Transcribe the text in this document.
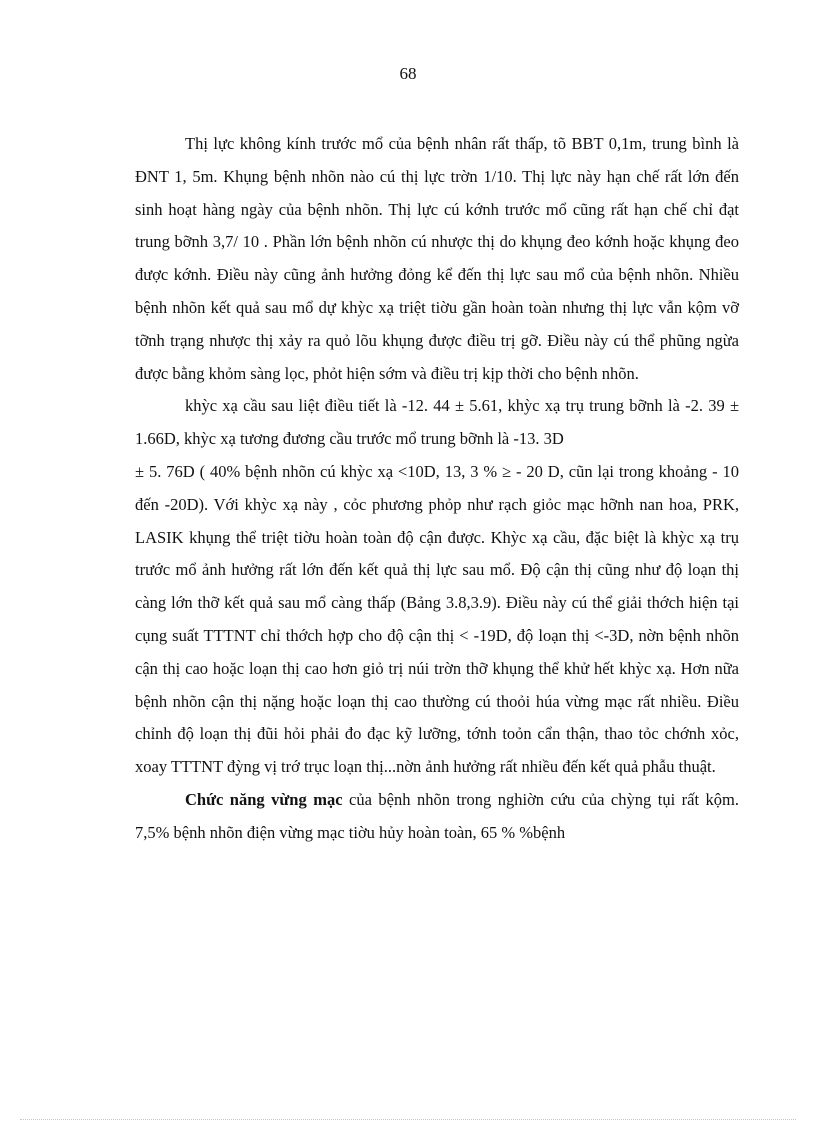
68

Thị lực không kính trước mổ của bệnh nhân rất thấp, tõ BBT 0,1m, trung bình là ĐNT 1, 5m. Khụng bệnh nhõn nào cú thị lực trờn 1/10. Thị lực này hạn chế rất lớn đến sinh hoạt hàng ngày của bệnh nhõn. Thị lực cú kớnh trước mổ cũng rất hạn chế chỉ đạt trung bỡnh 3,7/ 10 . Phần lớn bệnh nhõn cú nhược thị do khụng đeo kớnh hoặc khụng đeo được kớnh. Điều này cũng ảnh hưởng đỏng kể đến thị lực sau mổ của bệnh nhõn. Nhiều bệnh nhõn kết quả sau mổ dự khỳc xạ triệt tiờu gần hoàn toàn nhưng thị lực vẫn kộm vỡ tỡnh trạng nhược thị xảy ra quỏ lõu khụng được điều trị gỡ. Điều này cú thể phũng ngừa được bằng khỏm sàng lọc, phỏt hiện sớm và điều trị kịp thời cho bệnh nhõn.

khỳc xạ cầu sau liệt điều tiết là -12. 44 ± 5.61, khỳc xạ trụ trung bỡnh là -2. 39 ± 1.66D, khỳc xạ tương đương cầu trước mổ trung bỡnh là -13. 3D

± 5. 76D ( 40% bệnh nhõn cú khỳc xạ <10D, 13, 3 % ≥ - 20 D, cũn lại trong khoảng - 10 đến -20D). Với khỳc xạ này , cỏc phương phỏp như rạch giỏc mạc hỡnh nan hoa, PRK, LASIK khụng thể triệt tiờu hoàn toàn độ cận được. Khỳc xạ cầu, đặc biệt là khỳc xạ trụ trước mổ ảnh hưởng rất lớn đến kết quả thị lực sau mổ. Độ cận thị cũng như độ loạn thị càng lớn thỡ kết quả sau mổ càng thấp (Bảng 3.8,3.9). Điều này cú thể giải thớch hiện tại cụng suất TTTNT chỉ thớch hợp cho độ cận thị < -19D, độ loạn thị <-3D, nờn bệnh nhõn cận thị cao hoặc loạn thị cao hơn giỏ trị núi trờn thỡ khụng thể khử hết khỳc xạ. Hơn nữa bệnh nhõn cận thị nặng hoặc loạn thị cao thường cú thoỏi húa vừng mạc rất nhiều. Điều chỉnh độ loạn thị đũi hỏi phải đo đạc kỹ lưỡng, tớnh toỏn cẩn thận, thao tỏc chớnh xỏc, xoay TTTNT đỳng vị trớ trục loạn thị...nờn ảnh hưởng rất nhiều đến kết quả phẫu thuật.

Chức năng vừng mạc của bệnh nhõn trong nghiờn cứu của chỳng tụi rất kộm. 7,5% bệnh nhõn điện vừng mạc tiờu hủy hoàn toàn, 65 % %bệnh
